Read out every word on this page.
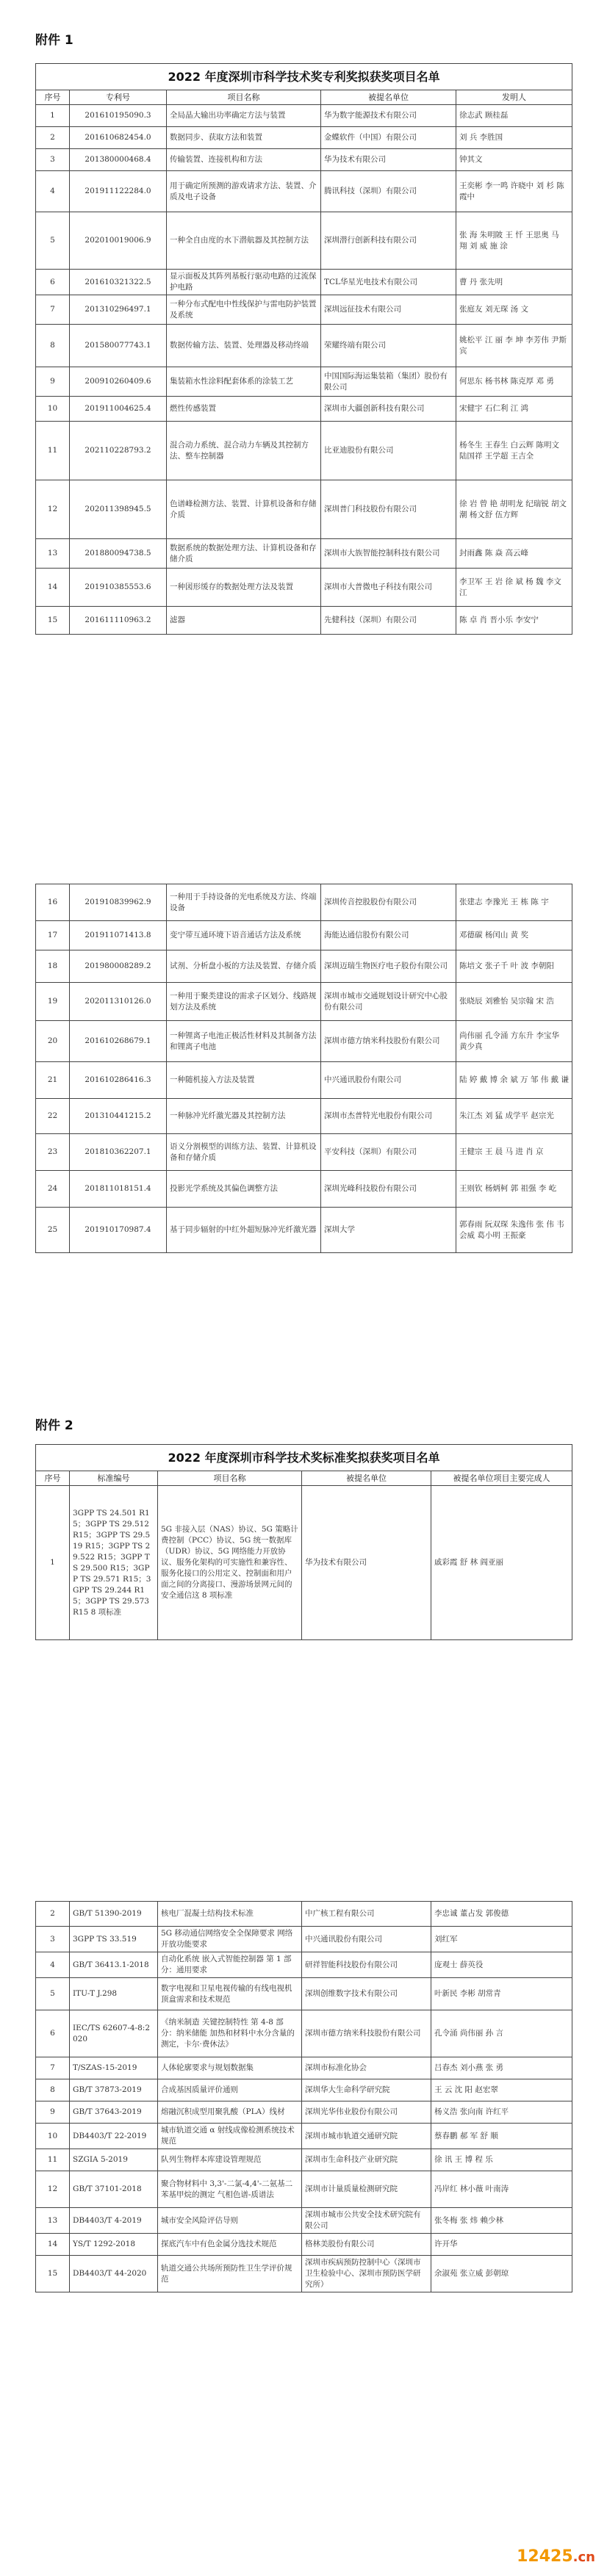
附件 1
2022 年度深圳市科学技术奖专利奖拟获奖项目名单				
序号	专利号	项目名称	被提名单位	发明人
1	201610195090.3	全局晶大输出功率确定方法与装置	华为数字能源技术有限公司	徐志武 顾桂磊
2	201610682454.0	数据同步、获取方法和装置	金蝶软件（中国）有限公司	刘 兵 李胜国
3	201380000468.4	传输装置、连接机构和方法	华为技术有限公司	钟其文
4	201911122284.0	用于确定所预测的游戏请求方法、装置、介质及电子设备	腾讯科技（深圳）有限公司	王奕彬 李一鸣 许晓中 刘 杉 陈霞中
5	202010019006.9	一种全自由度的水下潜航器及其控制方法	深圳潜行创新科技有限公司	张 海 朱明陂 王 忏 王思奥 马 翔 刘 威 施 涂
6	201610321322.5	显示面板及其阵列基板行驱动电路的过流保护电路	TCL华星光电技术有限公司	曹 丹 张先明
7	201310296497.1	一种分布式配电中性线保护与雷电防护装置及系统	深圳远征技术有限公司	张庭友 刘无琛 汤 文
8	201580077743.1	数据传输方法、装置、处理器及移动终端	荣耀终端有限公司	姚松平 江 丽 李 坤 李芳伟 尹斯宾
9	200910260409.6	集装箱水性涂料配套体系的涂装工艺	中国国际海运集装箱（集团）股份有限公司	何思东 杨书林 陈克厚 邓 勇
10	201911004625.4	燃性传感装置	深圳市大疆创新科技有限公司	宋健宇 石仁利 江 鸿
11	202110228793.2	混合动力系统、混合动力车辆及其控制方法、整车控制器	比亚迪股份有限公司	杨冬生 王春生 白云辉 陈明文 陆国祥 王学超 王吉全
12	202011398945.5	色谱峰检测方法、装置、计算机设备和存储介质	深圳普门科技股份有限公司	徐 岩 曾 艳 胡明龙 纪瑞锐 胡文潮 杨文舒 伍方辉
13	201880094738.5	数据系统的数据处理方法、计算机设备和存储介质	深圳市大族智能控制科技有限公司	封雨鑫 陈 焱 高云峰
14	201910385553.6	一种図形缓存的数据处理方法及装置	深圳市大普微电子科技有限公司	李卫军 王 岩 徐 斌 杨 魏 李文江
15	201611110963.2	滤器	先健科技（深圳）有限公司	陈 卓 肖 晋小乐 李安宁
16	201910839962.9	一种用于手持设备的光电系统及方法、终端设备	深圳传音控股股份有限公司	张建志 李豫光 王 栋 陈 宇
17	201911071413.8	变宁带互通环境下语音通话方法及系统	海能达通信股份有限公司	邓德碳 杨闰山 黄 奖
18	201980008289.2	试剂、分析盘小板的方法及装置、存储介质	深圳迈瑞生物医疗电子股份有限公司	陈培文 张子千 叶 波 李朝阳
19	202011310126.0	一种用于聚类建设的需求子区划分、线路规划方法及系统	深圳市城市交通规划设计研究中心股份有限公司	张晓辰 刘雅怡 吴宗翰 宋 浩
20	201610268679.1	一种锂离子电池正极活性材料及其制备方法和锂离子电池	深圳市德方纳米科技股份有限公司	尚伟丽 孔令涌 方东升 李宝华 黄少真
21	201610286416.3	一种随机接入方法及装置	中兴通讯股份有限公司	陆 婷 戴 博 余 斌 万 邹 伟 戴 谦
22	201310441215.2	一种脉冲光纤激光器及其控制方法	深圳市杰普特光电股份有限公司	朱江杰 刘 猛 成学平 赵宗光
23	201810362207.1	语义分割模型的训练方法、装置、计算机设备和存储介质	平安科技（深圳）有限公司	王健宗 王 晨 马 进 肖 京
24	201811018151.4	投影光学系统及其偏色调整方法	深圳光峰科技股份有限公司	王则钦 杨炳柯 郭 祖强 李 屹
25	201910170987.4	基于同步辐射的中红外超短脉冲光纤激光器	深圳大学	郭春雨 阮双琛 朱逸伟 张 伟 韦会威 葛小明 王振豪
附件 2
2022 年度深圳市科学技术奖标准奖拟获奖项目名单				
序号	标准编号	项目名称	被提名单位	被提名单位项目主要完成人
1	3GPP TS 24.501 R15；3GPP TS 29.512 R15；3GPP TS 29.519 R15；3GPP TS 29.522 R15；3GPP TS 29.500 R15；3GPP TS 29.571 R15；3GPP TS 29.244 R15；3GPP TS 29.573 R15 8 项标准	5G 非接入层（NAS）协议、5G 策略计费控制（PCC）协议、5G 统一数据库（UDR）协议、5G 网络能力开放协议、服务化架构的可实施性和兼容性、服务化接口的公用定义、控制面和用户面之间的分离接口、漫游场景网元间的安全通信这 8 项标准	华为技术有限公司	戚彩霞 舒 林 阎亚丽
2	GB/T 51390-2019	核电厂混凝土结构技术标准	中广核工程有限公司	李忠诚 董占发 郭俊德
3	3GPP TS 33.519	5G 移动通信网络安全全保障要求 网络开放功能要求	中兴通讯股份有限公司	刘红军
4	GB/T 36413.1-2018	自动化系统 嵌入式智能控制器 第 1 部分：通用要求	研祥智能科技股份有限公司	庞观士 薛英役
5	ITU-T J.298	数字电视和卫星电视传输的有线电视机顶盒需求和技术规范	深圳创维数字技术有限公司	叶新民 李彬 胡常青
6	IEC/TS 62607-4-8:2020	《纳米制造 关键控制特性 第 4-8 部分：纳米储能 加热和材料中水分含量的测定，卡尔·费休法》	深圳市德方纳米科技股份有限公司	孔令涌 尚伟丽 孙 言
7	T/SZAS-15-2019	人体轮廓要求与规划数据集	深圳市标准化协会	吕春杰 刘小燕 张 勇
8	GB/T 37873-2019	合成基因质量评价通则	深圳华大生命科学研究院	王 云 沈 阳 赵宏翠
9	GB/T 37643-2019	熔融沉积成型用聚乳酸（PLA）线材	深圳光华伟业股份有限公司	杨义浩 张向南 许红平
10	DB4403/T 22-2019	城市轨道交通 α 射线成像检测系统技术规范	深圳市城市轨道交通研究院	蔡春鹏 郝 军 舒 顺
11	SZGIA 5-2019	队列生物样本库建设管理规范	深圳市生命科技产业研究院	徐 讯 王 博 程 乐
12	GB/T 37101-2018	聚合物材料中 3,3'-二氯-4,4'-二氨基二苯基甲烷的测定 气相色谱-质谱法	深圳市计量质量检测研究院	冯岸红 林小薇 叶南涛
13	DB4403/T 4-2019	城市安全风险评估导则	深圳市城市公共安全技术研究院有限公司	张冬梅 张 炜 赖少林
14	YS/T 1292-2018	探底汽车中有色金属分选技术规范	格林美股份有限公司	许开华
15	DB4403/T 44-2020	轨道交通公共场所预防性卫生学评价规范	深圳市疾病预防控制中心（深圳市卫生检验中心、深圳市预防医学研究所）	余淑苑 张立威 彭朝琼
12425.cn
